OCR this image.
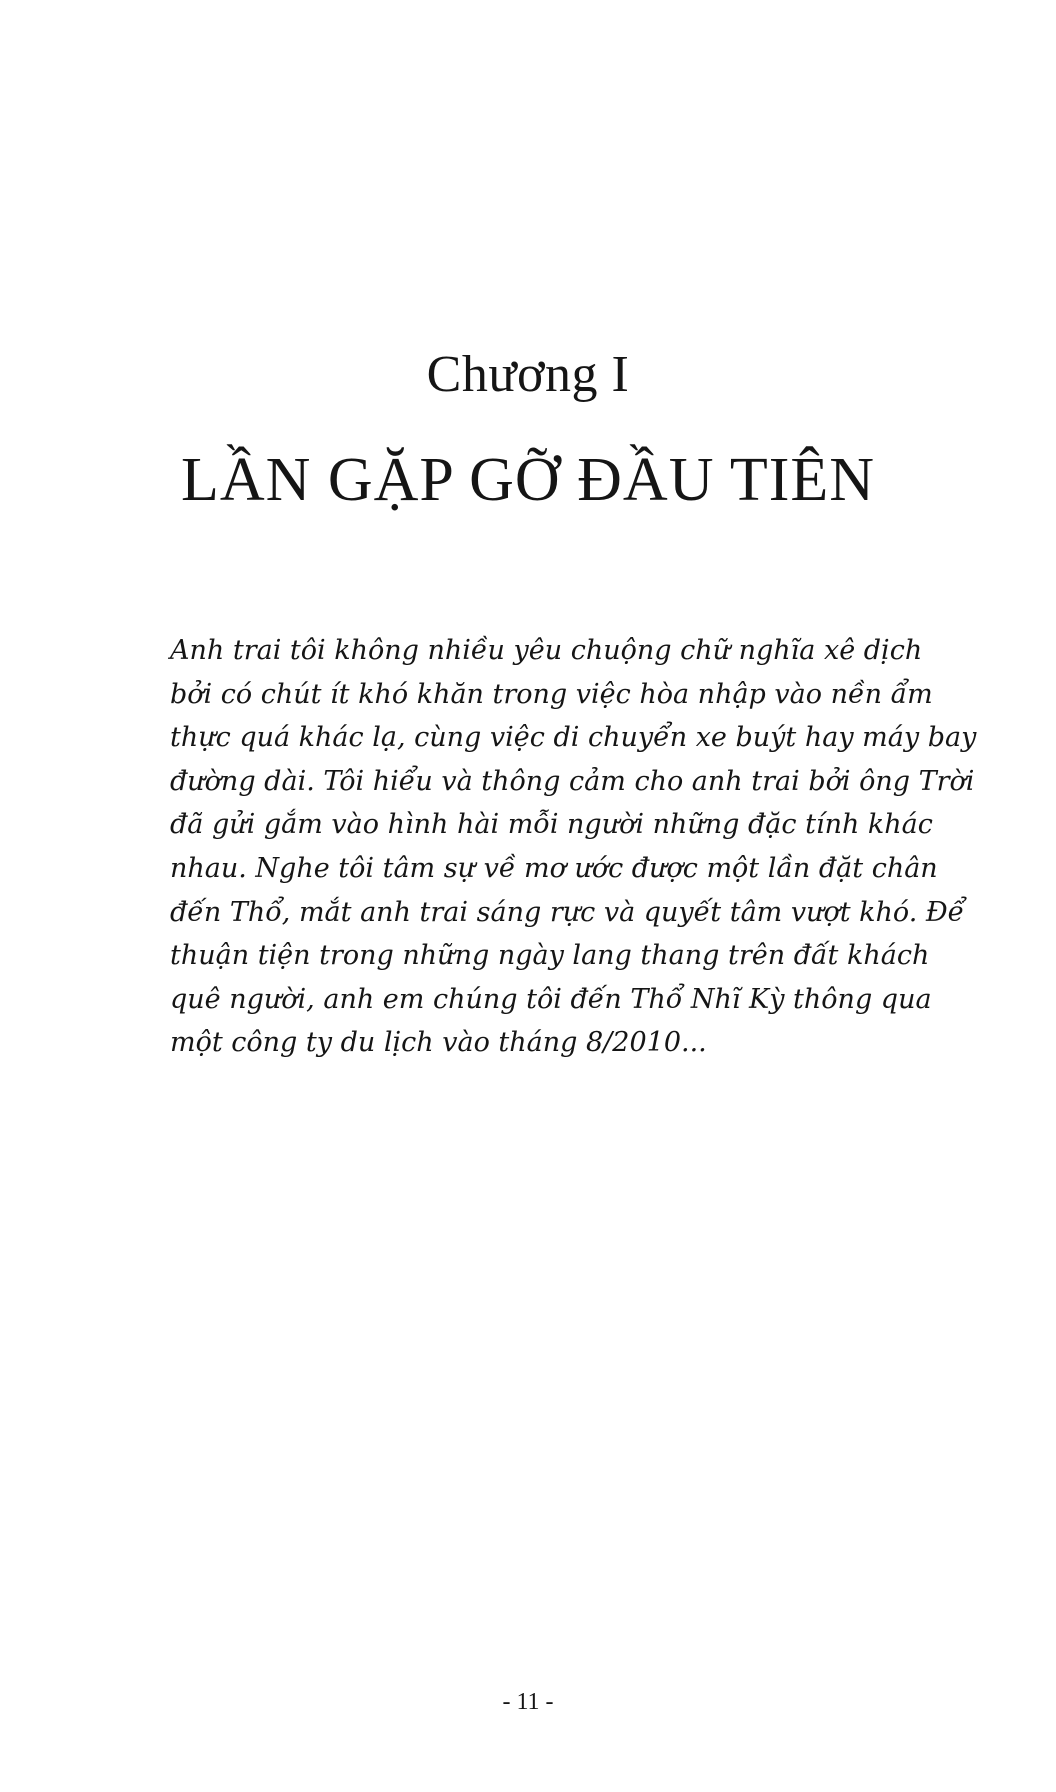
Chương I
LẦN GẶP GỠ ĐẦU TIÊN
Anh trai tôi không nhiều yêu chuộng chữ nghĩa xê dịch
bởi có chút ít khó khăn trong việc hòa nhập vào nền ẩm
thực quá khác lạ, cùng việc di chuyển xe buýt hay máy bay
đường dài. Tôi hiểu và thông cảm cho anh trai bởi ông Trời
đã gửi gắm vào hình hài mỗi người những đặc tính khác
nhau. Nghe tôi tâm sự về mơ ước được một lần đặt chân
đến Thổ, mắt anh trai sáng rực và quyết tâm vượt khó. Để
thuận tiện trong những ngày lang thang trên đất khách
quê người, anh em chúng tôi đến Thổ Nhĩ Kỳ thông qua
một công ty du lịch vào tháng 8/2010...
- 11 -
